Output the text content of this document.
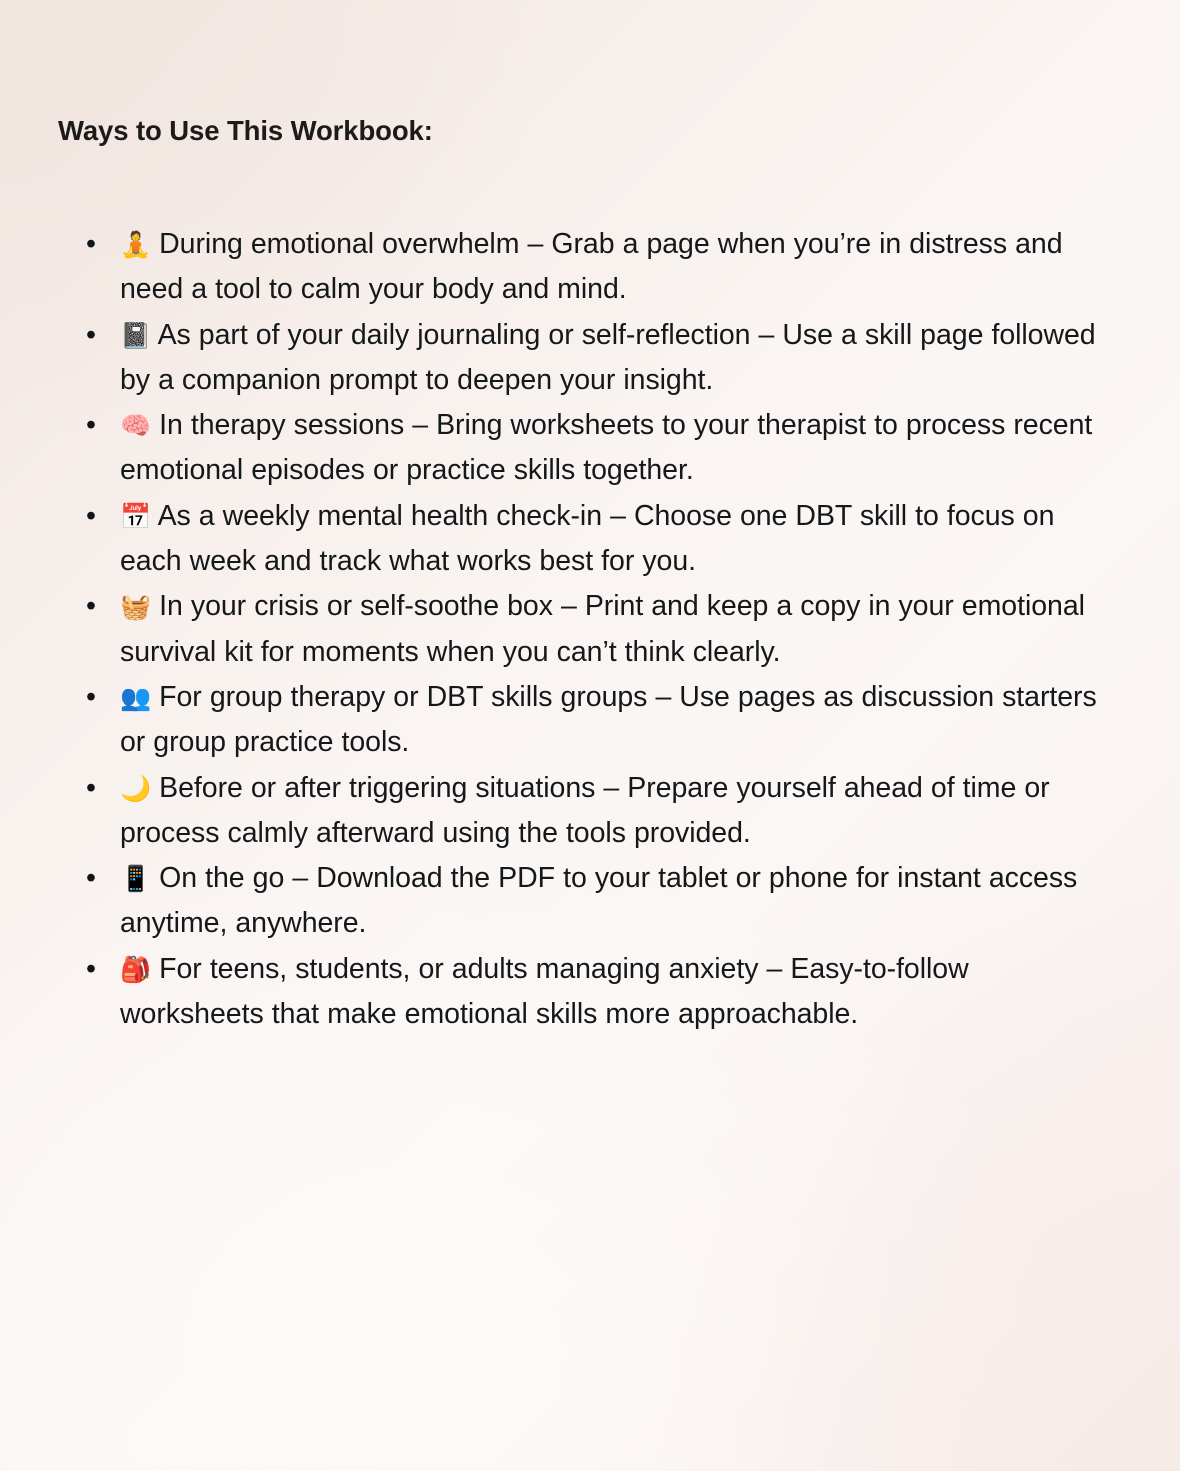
Ways to Use This Workbook:
• 🧘 During emotional overwhelm – Grab a page when you’re in distress and need a tool to calm your body and mind.
• 📓 As part of your daily journaling or self-reflection – Use a skill page followed by a companion prompt to deepen your insight.
• 🧠 In therapy sessions – Bring worksheets to your therapist to process recent emotional episodes or practice skills together.
• 📅 As a weekly mental health check-in – Choose one DBT skill to focus on each week and track what works best for you.
• 🧺 In your crisis or self-soothe box – Print and keep a copy in your emotional survival kit for moments when you can’t think clearly.
• 👥 For group therapy or DBT skills groups – Use pages as discussion starters or group practice tools.
• 🌙 Before or after triggering situations – Prepare yourself ahead of time or process calmly afterward using the tools provided.
• 📱 On the go – Download the PDF to your tablet or phone for instant access anytime, anywhere.
• 🎒 For teens, students, or adults managing anxiety – Easy-to-follow worksheets that make emotional skills more approachable.
